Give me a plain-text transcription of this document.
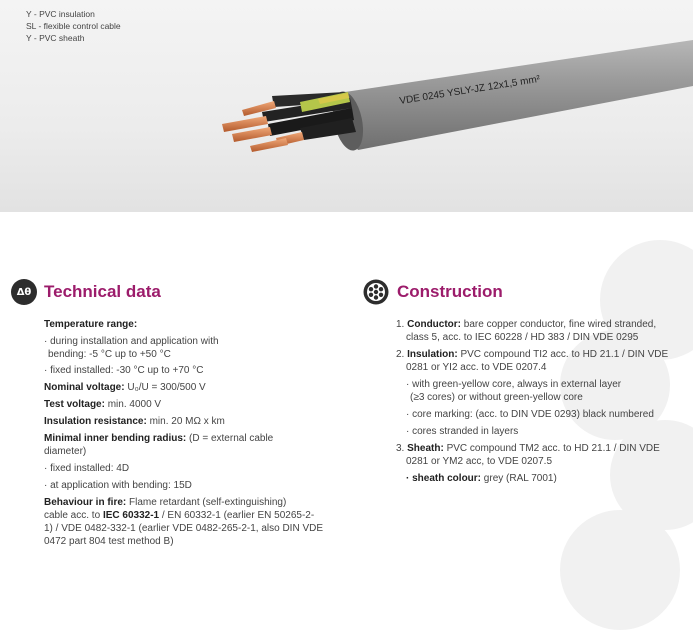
VDE 0245 YSLY-JZ 12x1,5 mm²
Y - PVC insulation
SL - flexible control cable
Y - PVC sheath
Δθ Technical data

Temperature range:

· during installation and application with
bending: -5 °C up to +50 °C

· fixed installed: -30 °C up to +70 °C

Nominal voltage: U₀/U = 300/500 V

Test voltage: min. 4000 V

Insulation resistance: min. 20 MΩ x km

Minimal inner bending radius: (D = external cable
diameter)

· fixed installed: 4D

· at application with bending: 15D

Behaviour in fire: Flame retardant (self-extinguishing)
cable acc. to IEC 60332-1 / EN 60332-1 (earlier EN 50265-2-
1) / VDE 0482-332-1 (earlier VDE 0482-265-2-1, also DIN VDE
0472 part 804 test method B)

Construction

1. Conductor: bare copper conductor, fine wired stranded,
class 5, acc. to IEC 60228 / HD 383 / DIN VDE 0295

2. Insulation: PVC compound TI2 acc. to HD 21.1 / DIN VDE
0281 or YI2 acc. to VDE 0207.4

· with green-yellow core, always in external layer
(≥3 cores) or without green-yellow core

· core marking: (acc. to DIN VDE 0293) black numbered

· cores stranded in layers

3. Sheath: PVC compound TM2 acc. to HD 21.1 / DIN VDE
0281 or YM2 acc, to VDE 0207.5

· sheath colour: grey (RAL 7001)
